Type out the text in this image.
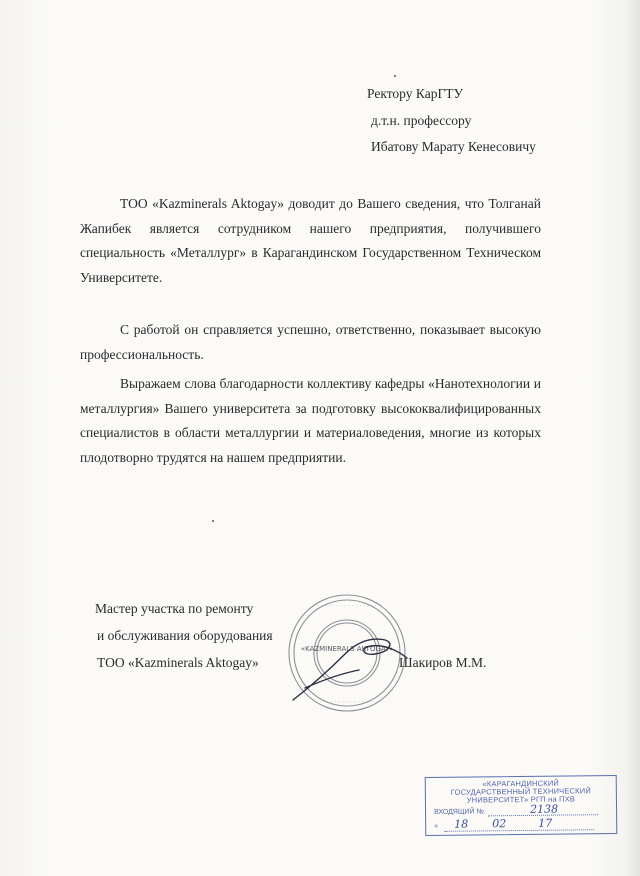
Ректору КарГТУ
д.т.н. профессору
Ибатову Марату Кенесовичу
ТОО «Kazminerals Aktogay» доводит до Вашего сведения, что Толганай Жапибек является сотрудником нашего предприятия, получившего специальность «Металлург» в Карагандинском Государственном Техническом Университете.
С работой он справляется успешно, ответственно, показывает высокую профессиональность.
Выражаем слова благодарности коллективу кафедры «Нанотехнологии и металлургия» Вашего университета за подготовку высококвалифицированных специалистов в области металлургии и материаловедения, многие из которых плодотворно трудятся на нашем предприятии.
Мастер участка по ремонту
и обслуживания оборудования
ТОО «Kazminerals Aktogay»	Шакиров М.М.
· · · · · · · · · · · · · · · ·
· · · · · · · · · · · · · · ·
«KAZMINERALS AKTOGAY»
«КАРАГАНДИНСКИЙ
ГОСУДАРСТВЕННЫЙ ТЕХНИЧЕСКИЙ
УНИВЕРСИТЕТ» РГП на ПХВ
ВХОДЯЩИЙ №	2138
« 18 02	17
